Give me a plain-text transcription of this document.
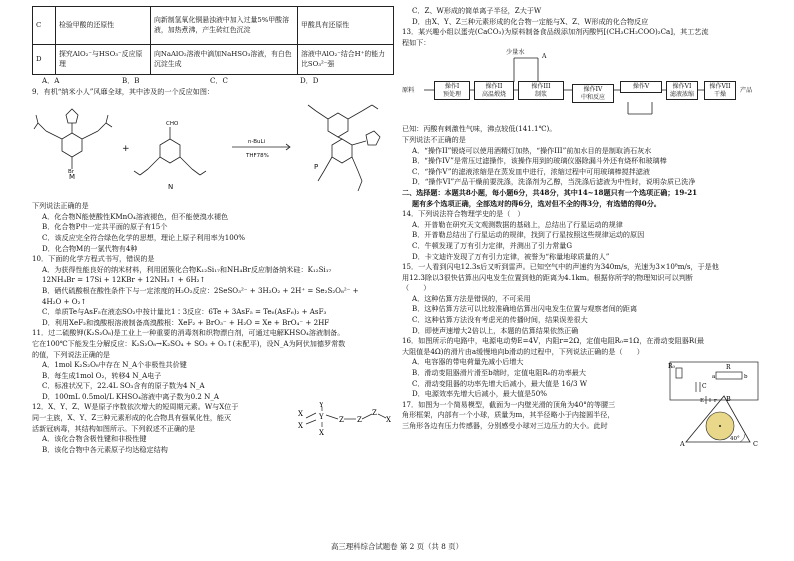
C	检验甲酸的还原性	向新制氢氧化铜悬浊液中加入过量5%甲酸溶液，加热煮沸，产生砖红色沉淀	甲酸具有还原性
D	探究AlO₂⁻与HSO₃⁻反应原理	向NaAlO₂溶液中滴加NaHSO₃溶液，有白色沉淀生成	溶液中AlO₂⁻结合H⁺的能力比SO₃²⁻强
A．A	B．B	C．C	D．D
9．有机“纳米小人”风靡全球，其中涉及的一个反应如图：
M
Br
CHO
N
+
n-BuLi
THF78%
P
下列说法正确的是
A．化合物N能使酸性KMnO₄溶液褪色，但不能使溴水褪色
B．化合物P中一定共平面的原子有15个
C．该反应完全符合绿色化学的思想，理论上原子利用率为100%
D．化合物M的一氯代物有4种
10．下面的化学方程式书写，错误的是
A．为获得性能良好的纳米材料，利用团簇化合物K₁₂Si₁₇和NH₄Br反应制备纳米硅：K₁₂Si₁₇
12NH₄Br = 17Si + 12KBr + 12NH₃↑ + 6H₂↑
B．硒代硫酸根在酸性条件下与一定浓度的H₂O₂反应：2SeSO₃²⁻ + 3H₂O₂ + 2H⁺ = Se₂S₂O₈²⁻ +
4H₂O + O₂↑
C．单质Te与AsF₅在液态SO₂中按计量比1∶3反应：6Te + 3AsF₅ = Te₆(AsF₆)₂ + AsF₃
D．利用XeF₂和溴酸根溶液制备高溴酸根：XeF₂ + BrO₃⁻ + H₂O = Xe + BrO₄⁻ + 2HF
11．过二硫酸钾(K₂S₂O₈)是工业上一种重要的消毒剂和织物漂白剂，可通过电解KHSO₄溶液制备。
它在100℃下能发生分解反应：K₂S₂O₈→K₂SO₄ + SO₃ + O₂↑(未配平)，设N_A为阿伏加德罗常数
的值，下列说法正确的是
A．1mol K₂S₂O₈中存在 N_A个非极性共价键
B．每生成1mol O₂，转移4 N_A电子
C．标准状况下，22.4L SO₃含有的原子数为4 N_A
D．100mL 0.5mol/L KHSO₄溶液中离子数为0.2 N_A
12．X、Y、Z、W是原子序数依次增大的短周期元素。W与X位于
同一主族，X、Y、Z三种元素形成的化合物具有强氧化性，能灭
活新冠病毒，其结构如图所示。下列叙述不正确的是
A．该化合物含极性键和非极性键
B．该化合物中各元素原子均达稳定结构
X
X
Y
Y
X
Z Z
Z
X
C．Z、W形成的简单离子半径，Z大于W
D．由X、Y、Z三种元素形成的化合物一定能与X、Z、W形成的化合物反应
13．某兴趣小组以蛋壳(CaCO₃)为原料制备食品级添加剂丙酸钙[(CH₃CH₂COO)₂Ca]，其工艺流
程如下：
少量水
A
原料
操作I
预处理
操作II
高温煅烧
操作III
制浆
操作IV
中和反应
操作V	操作VI
滤液浓缩
操作VII
干燥	产品
已知：丙酸有刺激性气味，沸点较低(141.1℃)。
下列说法不正确的是
A．“操作II”锻烧可以使用酒精灯加热，“操作III”前加水目的是制取消石灰水
B．“操作IV”是常压过滤操作，该操作用到的玻璃仪器除漏斗外还有烧杯和玻璃棒
C．“操作V”的滤液浓缩是在蒸发皿中进行，浓缩过程中可用玻璃棒搅拌滤液
D．“操作VI”产品干燥前要洗涤，洗涤剂为乙醇，当洗涤后滤液为中性时，说明杂质已洗净
二、选择题：本题共8小题，每小题6分，共48分，其中14~18题只有一个选项正确；19-21
题有多个选项正确，全部选对的得6分，选对但不全的得3分，有选错的得0分。
14．下列说法符合物理学史的是（　）
A．开普勒在研究天文观测数据的基础上，总结出了行星运动的规律
B．开普勒总结出了行星运动的规律，找到了行星按照这些规律运动的原因
C．牛顿发现了万有引力定律，并测出了引力常量G
D．卡文迪许发现了万有引力定律，被誉为“称量地球质量的人”
15．一人看到闪电12.3s后又听到雷声。已知空气中的声速约为340m/s，光速为3×10⁸m/s，于是他
用12.3除以3很快估算出闪电发生位置到他的距离为4.1km。根据你所学的物理知识可以判断
（　　）
A．这种估算方法是错误的，不可采用
B．这种估算方法可以比较准确地估算出闪电发生位置与观察者间的距离
C．这种估算方法没有考虑光的传播时间，结果误差很大
D．即使声速增大2倍以上，本题的估算结果依然正确
16．如图所示的电路中，电源电动势E=4V，内阻r=2Ω，定值电阻R₀=1Ω，在滑动变阻器R(最
大阻值是4Ω)的滑片由a缓慢地向b滑动的过程中，下列说法正确的是（　　）
A．电容器的带电荷量先减小后增大
B．滑动变阻器滑片滑至b端时，定值电阻R₀的功率最大
C．滑动变阻器的功率先增大后减小，最大值是 16/3 W
D．电源效率先增大后减小，最大值是50%
R₀
C
R
a	b
E r
17．如图为一个简易模型，截面为一内壁光滑的顶角为40°的等腰三
角形框架，内部有一个小球，质量为m，其半径略小于内接圆半径，
三角形各边有压力传感器，分别感受小球对三边压力的大小。此时
A
B
C
40°
高三理科综合试题卷 第 2 页（共 8 页）
